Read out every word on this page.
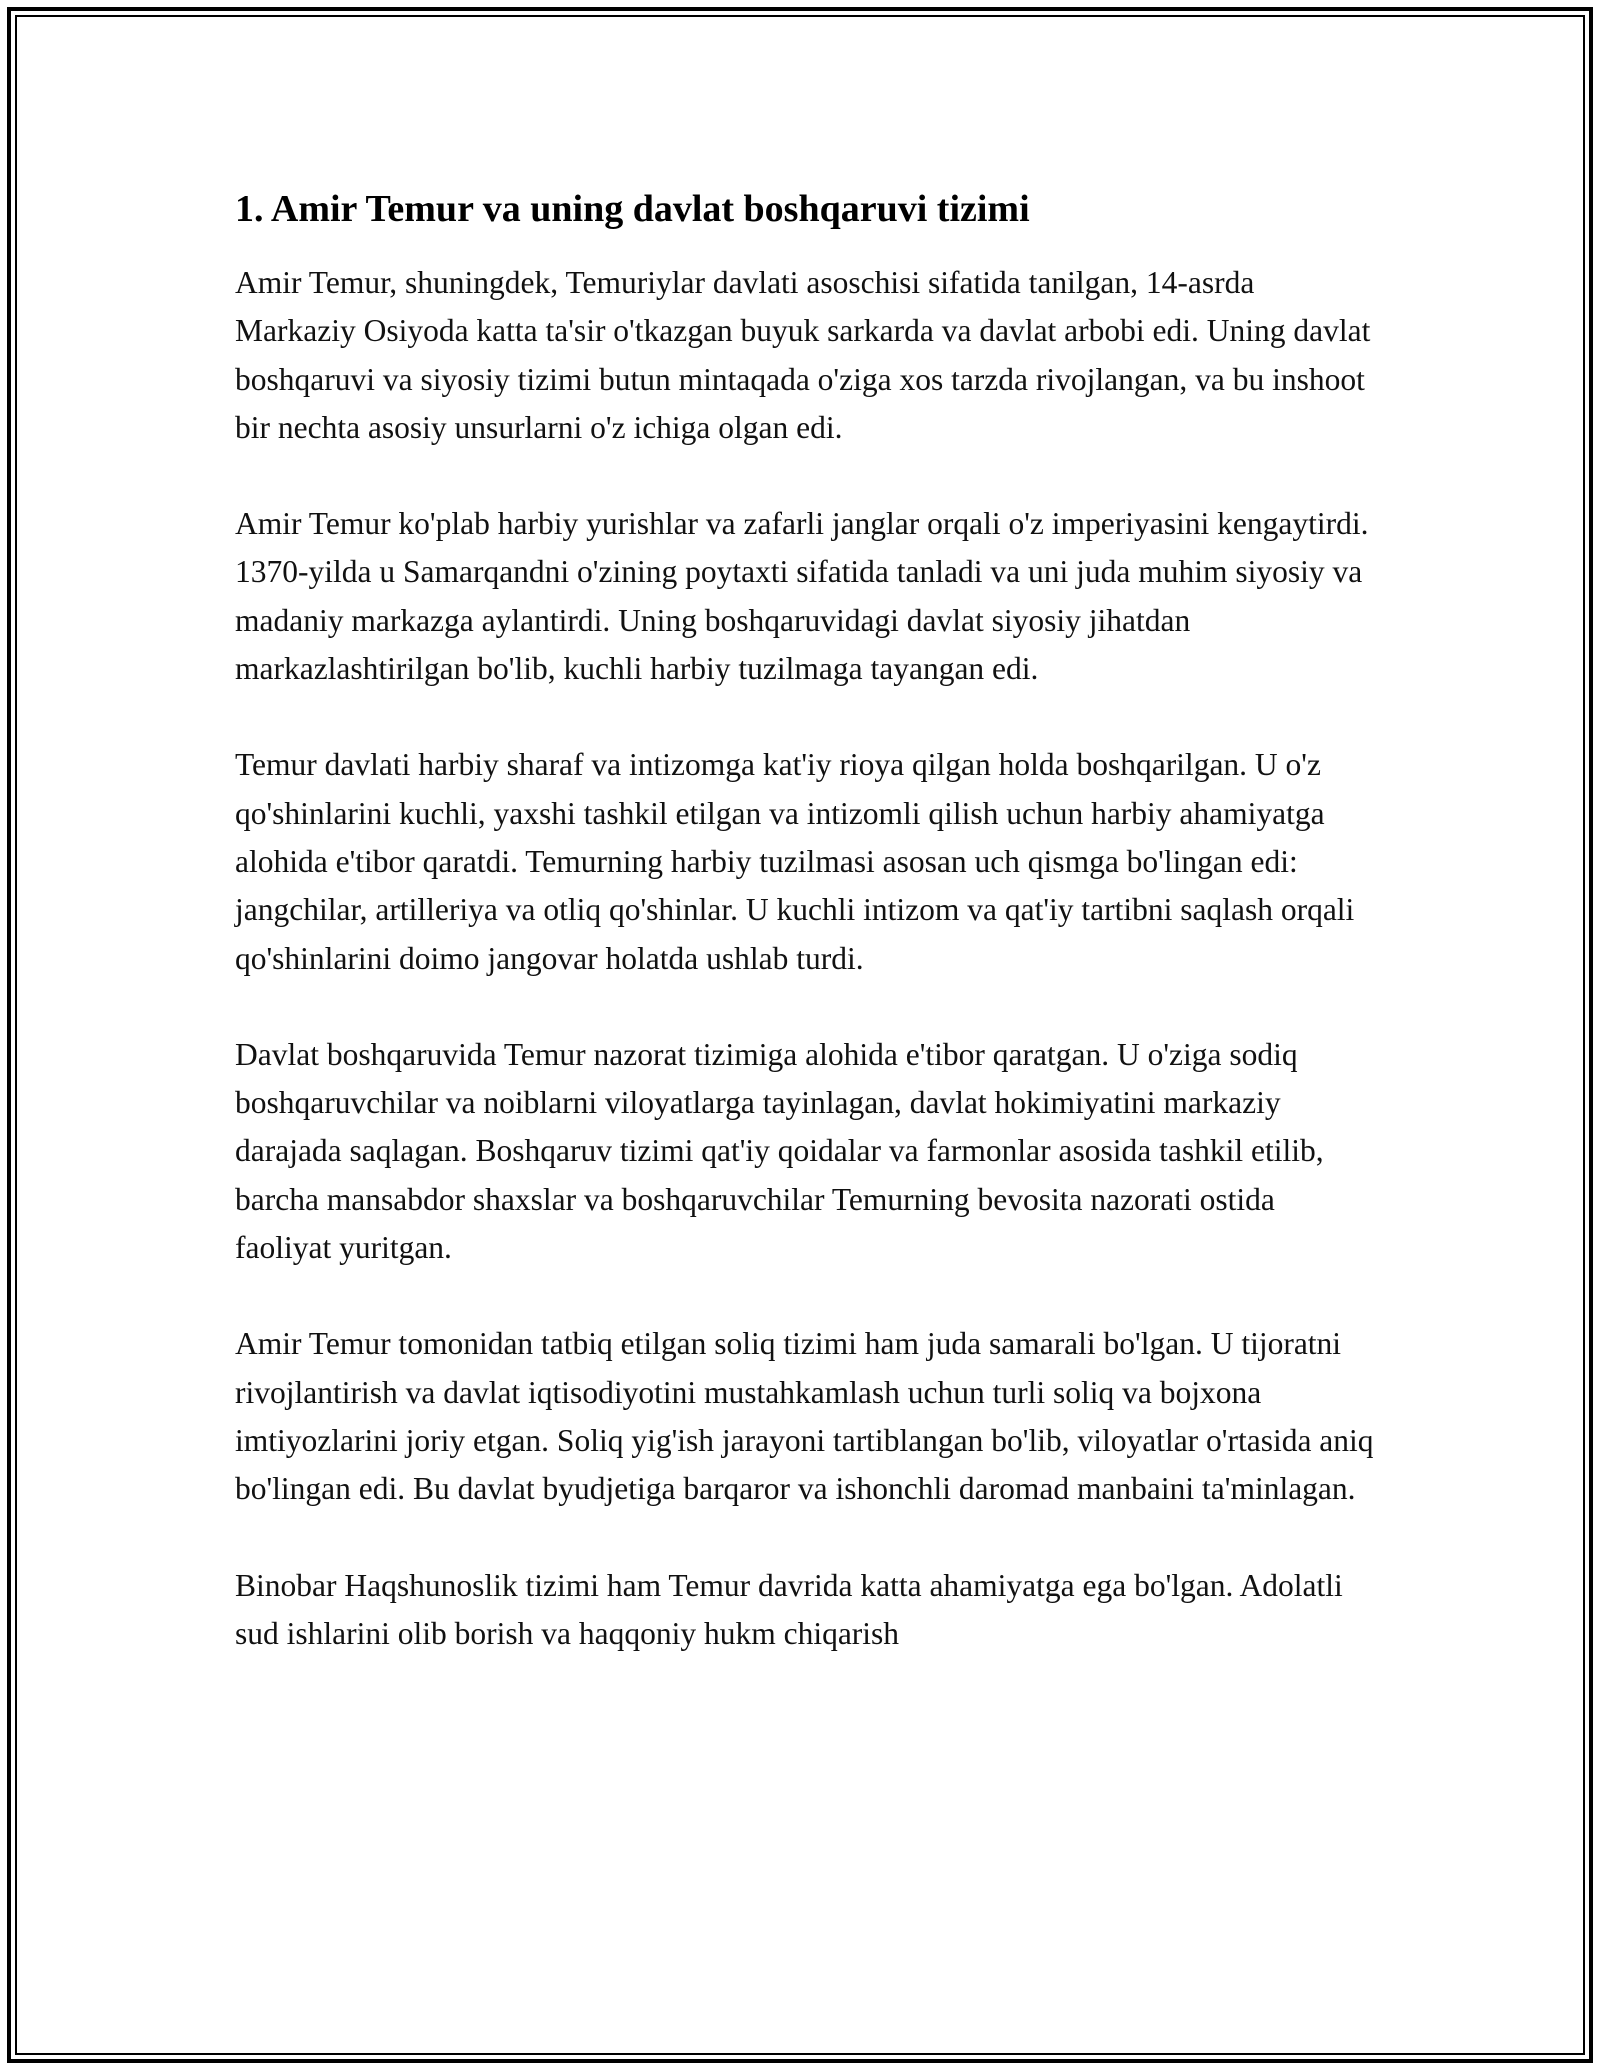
1. Amir Temur va uning davlat boshqaruvi tizimi

Amir Temur, shuningdek, Temuriylar davlati asoschisi sifatida tanilgan, 14-asrda Markaziy Osiyoda katta ta'sir o'tkazgan buyuk sarkarda va davlat arbobi edi. Uning davlat boshqaruvi va siyosiy tizimi butun mintaqada o'ziga xos tarzda rivojlangan, va bu inshoot bir nechta asosiy unsurlarni o'z ichiga olgan edi.

Amir Temur ko'plab harbiy yurishlar va zafarli janglar orqali o'z imperiyasini kengaytirdi. 1370-yilda u Samarqandni o'zining poytaxti sifatida tanladi va uni juda muhim siyosiy va madaniy markazga aylantirdi. Uning boshqaruvidagi davlat siyosiy jihatdan markazlashtirilgan bo'lib, kuchli harbiy tuzilmaga tayangan edi.

Temur davlati harbiy sharaf va intizomga kat'iy rioya qilgan holda boshqarilgan. U o'z qo'shinlarini kuchli, yaxshi tashkil etilgan va intizomli qilish uchun harbiy ahamiyatga alohida e'tibor qaratdi. Temurning harbiy tuzilmasi asosan uch qismga bo'lingan edi: jangchilar, artilleriya va otliq qo'shinlar. U kuchli intizom va qat'iy tartibni saqlash orqali qo'shinlarini doimo jangovar holatda ushlab turdi.

Davlat boshqaruvida Temur nazorat tizimiga alohida e'tibor qaratgan. U o'ziga sodiq boshqaruvchilar va noiblarni viloyatlarga tayinlagan, davlat hokimiyatini markaziy darajada saqlagan. Boshqaruv tizimi qat'iy qoidalar va farmonlar asosida tashkil etilib, barcha mansabdor shaxslar va boshqaruvchilar Temurning bevosita nazorati ostida faoliyat yuritgan.

Amir Temur tomonidan tatbiq etilgan soliq tizimi ham juda samarali bo'lgan. U tijoratni rivojlantirish va davlat iqtisodiyotini mustahkamlash uchun turli soliq va bojxona imtiyozlarini joriy etgan. Soliq yig'ish jarayoni tartiblangan bo'lib, viloyatlar o'rtasida aniq bo'lingan edi. Bu davlat byudjetiga barqaror va ishonchli daromad manbaini ta'minlagan.

Binobar Haqshunoslik tizimi ham Temur davrida katta ahamiyatga ega bo'lgan. Adolatli sud ishlarini olib borish va haqqoniy hukm chiqarish
